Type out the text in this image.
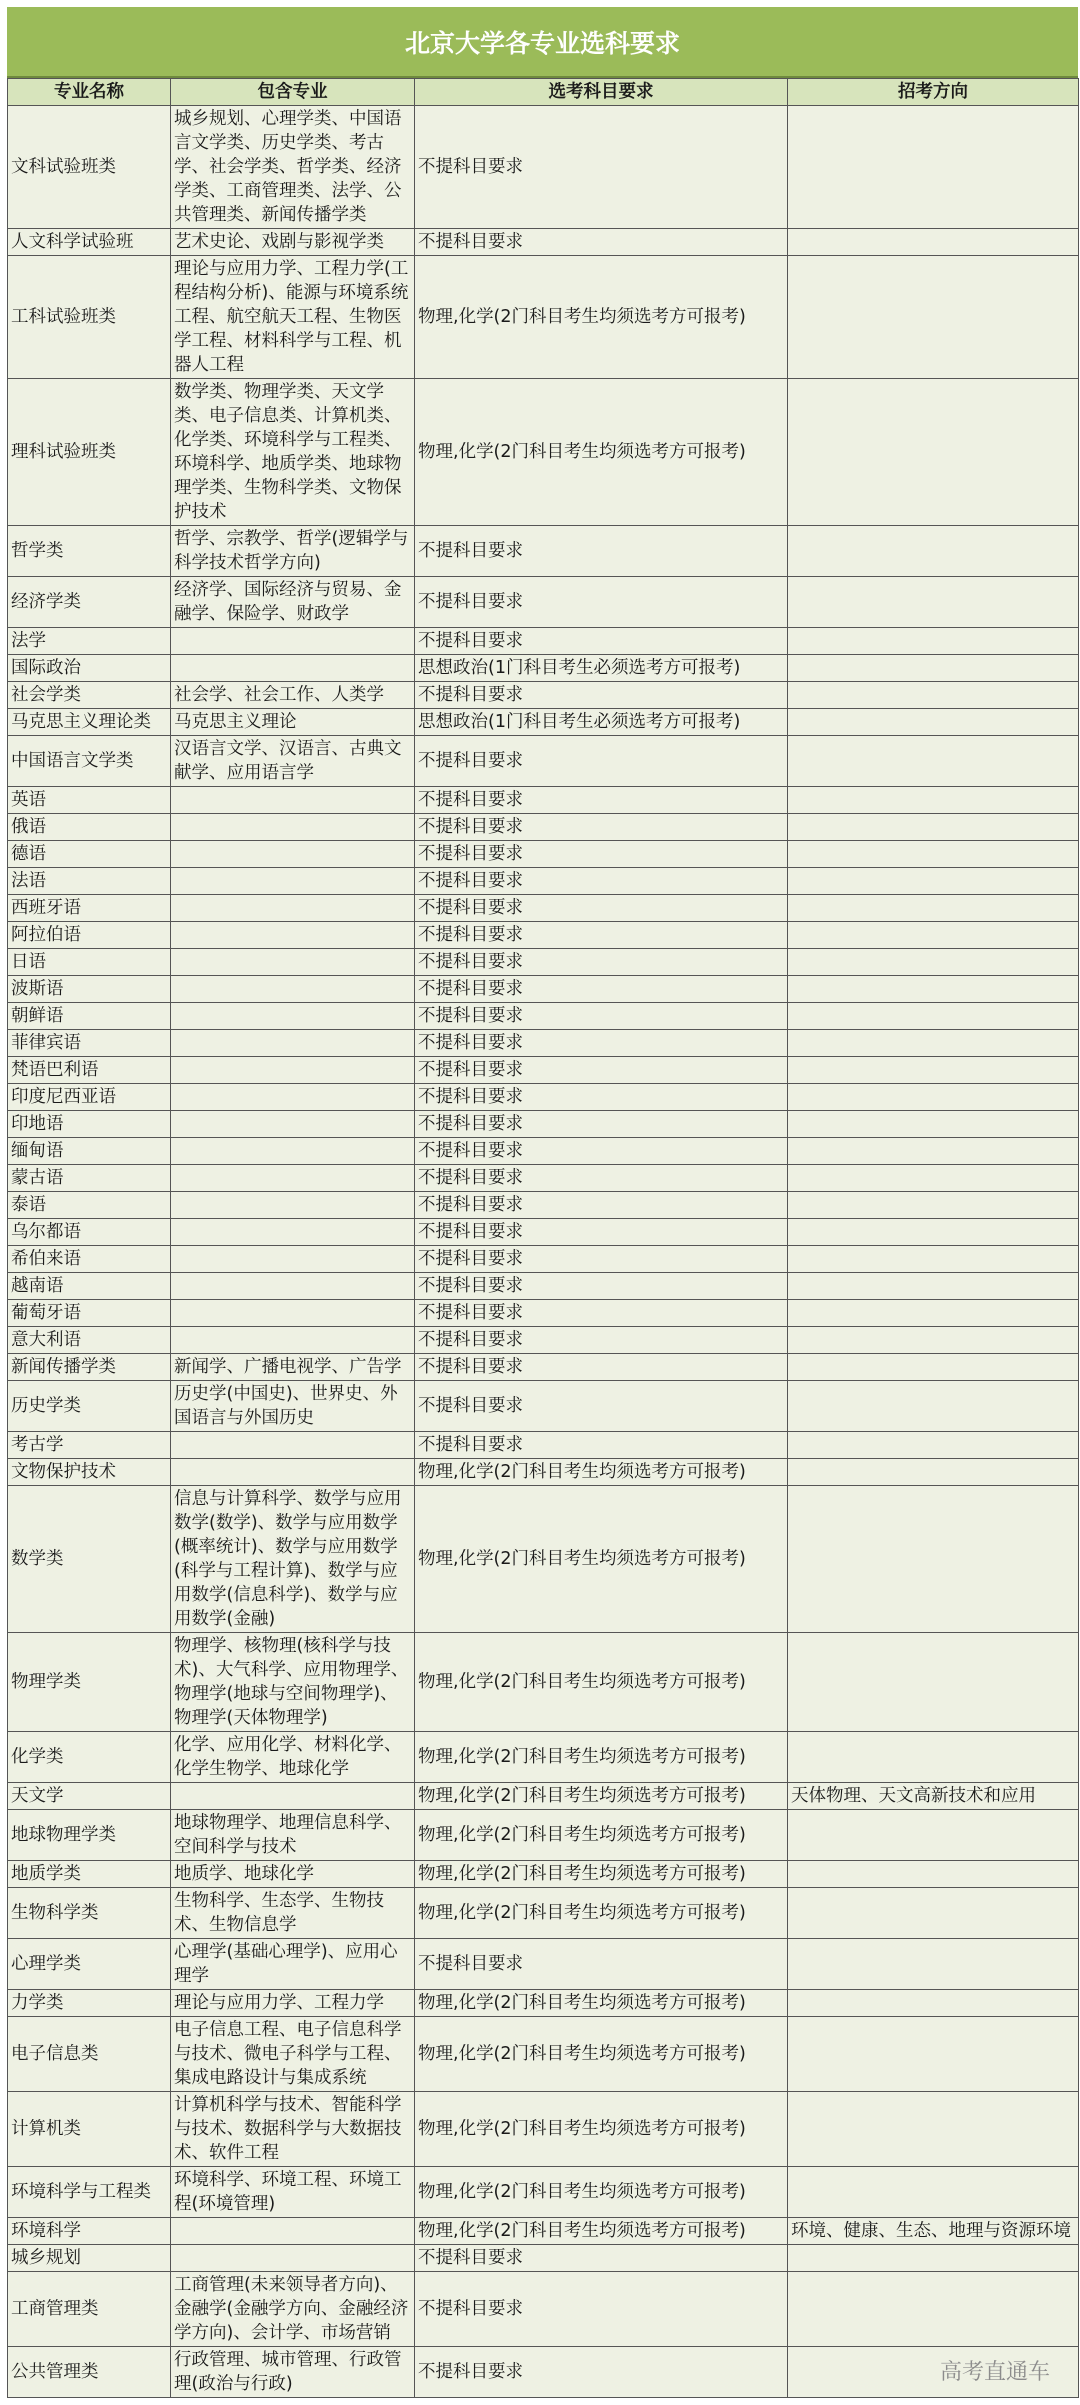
北京大学各专业选科要求
专业名称	包含专业	选考科目要求	招考方向
文科试验班类	城乡规划、心理学类、中国语言文学类、历史学类、考古学、社会学类、哲学类、经济学类、工商管理类、法学、公共管理类、新闻传播学类	不提科目要求	
人文科学试验班	艺术史论、戏剧与影视学类	不提科目要求	
工科试验班类	理论与应用力学、工程力学(工程结构分析)、能源与环境系统工程、航空航天工程、生物医学工程、材料科学与工程、机器人工程	物理,化学(2门科目考生均须选考方可报考)	
理科试验班类	数学类、物理学类、天文学类、电子信息类、计算机类、化学类、环境科学与工程类、环境科学、地质学类、地球物理学类、生物科学类、文物保护技术	物理,化学(2门科目考生均须选考方可报考)	
哲学类	哲学、宗教学、哲学(逻辑学与科学技术哲学方向)	不提科目要求	
经济学类	经济学、国际经济与贸易、金融学、保险学、财政学	不提科目要求	
法学		不提科目要求	
国际政治		思想政治(1门科目考生必须选考方可报考)	
社会学类	社会学、社会工作、人类学	不提科目要求	
马克思主义理论类	马克思主义理论	思想政治(1门科目考生必须选考方可报考)	
中国语言文学类	汉语言文学、汉语言、古典文献学、应用语言学	不提科目要求	
英语		不提科目要求	
俄语		不提科目要求	
德语		不提科目要求	
法语		不提科目要求	
西班牙语		不提科目要求	
阿拉伯语		不提科目要求	
日语		不提科目要求	
波斯语		不提科目要求	
朝鲜语		不提科目要求	
菲律宾语		不提科目要求	
梵语巴利语		不提科目要求	
印度尼西亚语		不提科目要求	
印地语		不提科目要求	
缅甸语		不提科目要求	
蒙古语		不提科目要求	
泰语		不提科目要求	
乌尔都语		不提科目要求	
希伯来语		不提科目要求	
越南语		不提科目要求	
葡萄牙语		不提科目要求	
意大利语		不提科目要求	
新闻传播学类	新闻学、广播电视学、广告学	不提科目要求	
历史学类	历史学(中国史)、世界史、外国语言与外国历史	不提科目要求	
考古学		不提科目要求	
文物保护技术		物理,化学(2门科目考生均须选考方可报考)	
数学类	信息与计算科学、数学与应用数学(数学)、数学与应用数学(概率统计)、数学与应用数学(科学与工程计算)、数学与应用数学(信息科学)、数学与应用数学(金融)	物理,化学(2门科目考生均须选考方可报考)	
物理学类	物理学、核物理(核科学与技术)、大气科学、应用物理学、物理学(地球与空间物理学)、物理学(天体物理学)	物理,化学(2门科目考生均须选考方可报考)	
化学类	化学、应用化学、材料化学、化学生物学、地球化学	物理,化学(2门科目考生均须选考方可报考)	
天文学		物理,化学(2门科目考生均须选考方可报考)	天体物理、天文高新技术和应用
地球物理学类	地球物理学、地理信息科学、空间科学与技术	物理,化学(2门科目考生均须选考方可报考)	
地质学类	地质学、地球化学	物理,化学(2门科目考生均须选考方可报考)	
生物科学类	生物科学、生态学、生物技术、生物信息学	物理,化学(2门科目考生均须选考方可报考)	
心理学类	心理学(基础心理学)、应用心理学	不提科目要求	
力学类	理论与应用力学、工程力学	物理,化学(2门科目考生均须选考方可报考)	
电子信息类	电子信息工程、电子信息科学与技术、微电子科学与工程、集成电路设计与集成系统	物理,化学(2门科目考生均须选考方可报考)	
计算机类	计算机科学与技术、智能科学与技术、数据科学与大数据技术、软件工程	物理,化学(2门科目考生均须选考方可报考)	
环境科学与工程类	环境科学、环境工程、环境工程(环境管理)	物理,化学(2门科目考生均须选考方可报考)	
环境科学		物理,化学(2门科目考生均须选考方可报考)	环境、健康、生态、地理与资源环境
城乡规划		不提科目要求	
工商管理类	工商管理(未来领导者方向)、金融学(金融学方向、金融经济学方向)、会计学、市场营销	不提科目要求	
公共管理类	行政管理、城市管理、行政管理(政治与行政)	不提科目要求		高考直通车
